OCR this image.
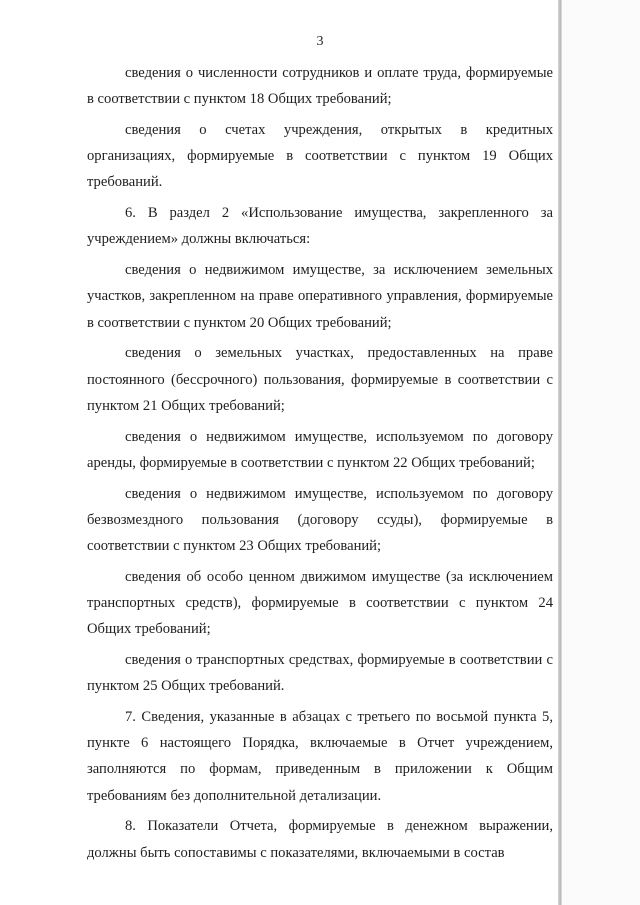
3

сведения о численности сотрудников и оплате труда, формируемые в соответствии с пунктом 18 Общих требований;

сведения о счетах учреждения, открытых в кредитных организациях, формируемые в соответствии с пунктом 19 Общих требований.

6. В раздел 2 «Использование имущества, закрепленного за учреждением» должны включаться:

сведения о недвижимом имуществе, за исключением земельных участков, закрепленном на праве оперативного управления, формируемые в соответствии с пунктом 20 Общих требований;

сведения о земельных участках, предоставленных на праве постоянного (бессрочного) пользования, формируемые в соответствии с пунктом 21 Общих требований;

сведения о недвижимом имуществе, используемом по договору аренды, формируемые в соответствии с пунктом 22 Общих требований;

сведения о недвижимом имуществе, используемом по договору безвозмездного пользования (договору ссуды), формируемые в соответствии с пунктом 23 Общих требований;

сведения об особо ценном движимом имуществе (за исключением транспортных средств), формируемые в соответствии с пунктом 24 Общих требований;

сведения о транспортных средствах, формируемые в соответствии с пунктом 25 Общих требований.

7. Сведения, указанные в абзацах с третьего по восьмой пункта 5, пункте 6 настоящего Порядка, включаемые в Отчет учреждением, заполняются по формам, приведенным в приложении к Общим требованиям без дополнительной детализации.

8. Показатели Отчета, формируемые в денежном выражении, должны быть сопоставимы с показателями, включаемыми в состав
